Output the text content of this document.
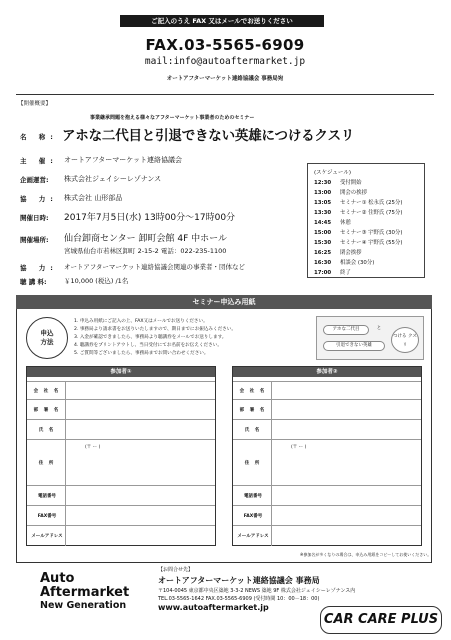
ご記入のうえ FAX 又はメールでお送りください
FAX.03-5565-6909
mail:info@autoaftermarket.jp
オートアフターマーケット連絡協議会 事務局宛
【開催概要】
事業継承問題を抱える様々なアフターマーケット事業者のためのセミナー
名 称: アホな二代目と引退できない英雄につけるクスリ
主 催: オートアフターマーケット連絡協議会
企画運営: 株式会社ジェイシーレゾナンス
協 力: 株式会社 山形部品
開催日時: 2017年7月5日(水) 13時00分～17時00分
開催場所: 仙台卸商センター 卸町会館 4F 中ホール
宮城県仙台市若林区卸町 2-15-2 電話：022-235-1100
協 力: オートアフターマーケット連絡協議会関連の事業者・団体など
聴 講 料:	￥10,000 (税込) /1名
(スケジュール)
12:30 受付開始
13:00 開会の挨拶
13:05 セミナー① 松永氏 (25分)
13:30 セミナー② 住野氏 (75分)
14:45 休憩
15:00 セミナー③ 宇野氏 (30分)
15:30 セミナー④ 宇野氏 (55分)
16:25 閉会挨拶
16:30 相談会 (30分)
17:00 終了
セミナー申込み用紙
申込
方法
1. 申込み用紙にご記入の上、FAX又はメールでお送りください。
2. 事務局より請求書をお送りいたしますので、期日までにお振込みください。
3. 入金が確認できましたら、事務局より聴講券をメールでお送りします。
4. 聴講券をプリントアウトし、当日受付にてお名前をお伝えください。
5. ご質問等ございましたら、事務局までお問い合わせください。
アホな二代目	と
引退できない英雄
つける クスリ
参加者①
会 社 名
部 署 名
氏 名
住 所
(〒 ー )
電話番号
FAX番号
メールアドレス
参加者②
会 社 名
部 署 名
氏 名
住 所
(〒 ー )
電話番号
FAX番号
メールアドレス
※参加名が多くなりの場合は、申込み用紙をコピーしてお使いください。
Auto
Aftermarket
New Generation
【お問合せ先】
オートアフターマーケット連絡協議会 事務局
〒104-0045 東京都中央区築地 3-3-2 NEWS 築地 9F 株式会社ジェイシーレゾナンス内
TEL.03-5565-1642 FAX.03-5565-6909 (受付時間 10：00－18：00)
www.autoaftermarket.jp
CAR CARE PLUS
